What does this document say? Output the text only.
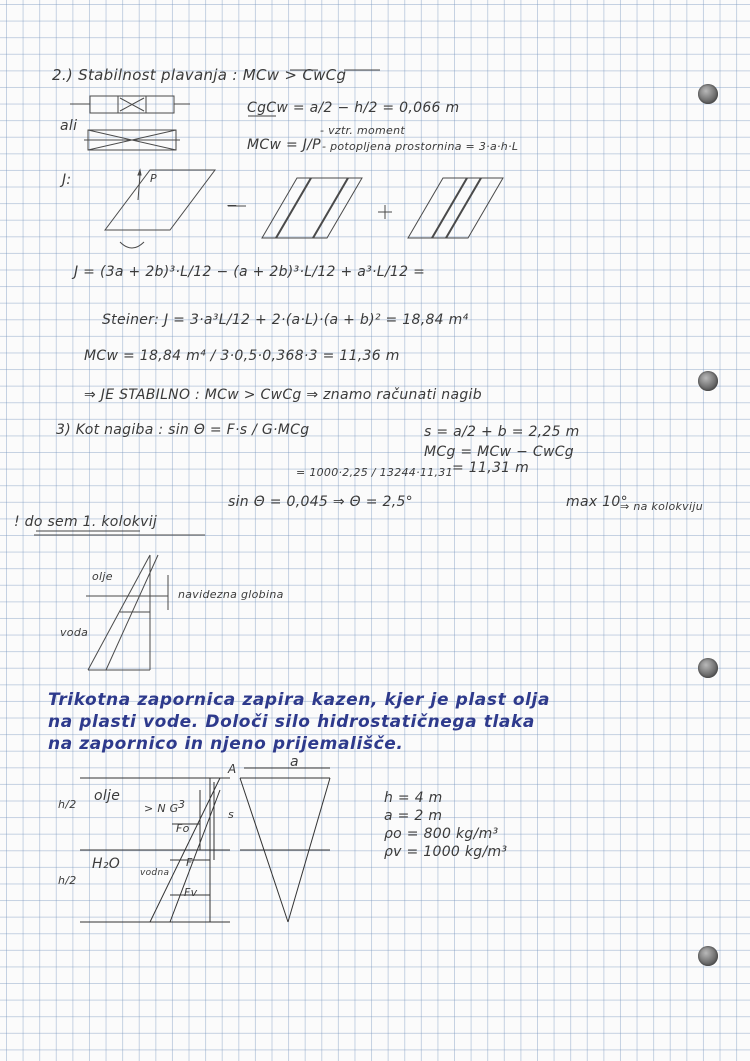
2.) Stabilnost plavanja : MCw > CwCg
ali
CgCw = a/2 − h/2 = 0,066 m
MCw = J/P
- vztr. moment
- potopljena prostornina = 3·a·h·L
J:	P
J = (3a + 2b)³·L/12 − (a + 2b)³·L/12 + a³·L/12 =
Steiner: J = 3·a³L/12 + 2·(a·L)·(a + b)² = 18,84 m⁴
MCw = 18,84 m⁴ / 3·0,5·0,368·3 = 11,36 m
⇒ JE STABILNO : MCw > CwCg ⇒ znamo računati nagib
3) Kot nagiba : sin Θ = F·s / G·MCg
= 1000·2,25 / 13244·11,31
s = a/2 + b = 2,25 m
MCg = MCw − CwCg
= 11,31 m
sin Θ = 0,045 ⇒ Θ = 2,5°	max 10°
⇒ na kolokviju
! do sem 1. kolokvij
olje
voda
navidezna globina
Trikotna zapornica zapira kazen, kjer je plast olja
na plasti vode. Določi silo hidrostatičnega tlaka
na zapornico in njeno prijemališče.
A	a
olje
H₂O	F
Fv
Fo
> N G 3
s
h/2
h/2
vodna
h = 4 m
a = 2 m
ρo = 800 kg/m³
ρv = 1000 kg/m³
−
